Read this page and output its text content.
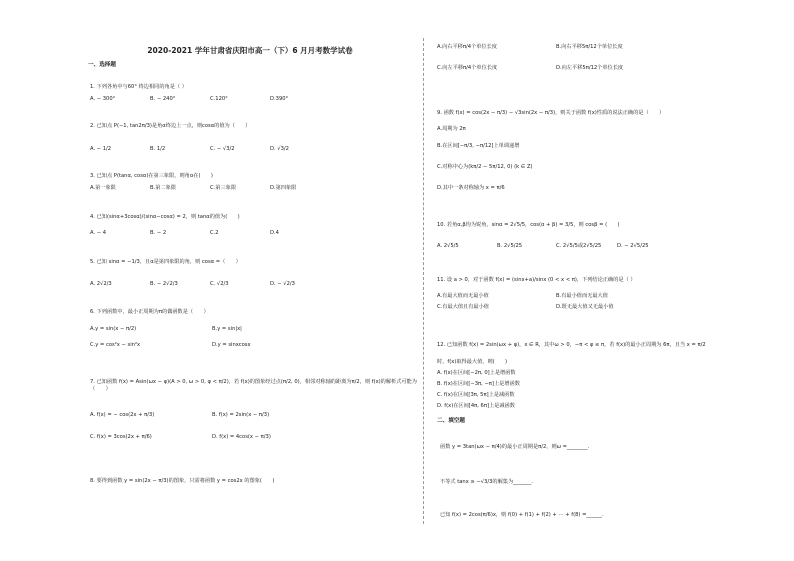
2020-2021 学年甘肃省庆阳市高一（下）6 月月考数学试卷
一、选择题
1. 下列各角中与60° 终边相同的角是（ ）
A. − 300°	B. − 240°	C.120°	D.390°
2. 已知点 P(−1, tan2π/3)是角α终边上一点，则cosα的值为（　　）
A. − 1/2	B. 1/2	C. − √3/2	D. √3/2
3. 已知点 P(tanα, cosα)在第三象限，则角α在(　　)
A.第一象限	B.第二象限	C.第三象限	D.第四象限
4. 已知(sinα+3cosα)/(sinα−cosα) = 2，则 tanα的值为(　　)
A. − 4	B. − 2	C.2	D.4
5. 已知 sinα = −1/3，且α是第四象限的角，则 cosα =（　　）
A. 2√2/3	B. − 2√2/3	C. √2/3	D. − √2/3
6. 下列函数中，最小正周期为π的偶函数是（　　）
A.y = sin(x − π/2)	B.y = sin|x|
C.y = cos²x − sin²x	D.y = sinxcosx
7. 已知函数 f(x) = Asin(ωx − φ)(A > 0, ω > 0, φ < π/2)，若 f(x)的图象经过点(π/2, 0)，相邻对称轴的距离为π/2，则 f(x)的解析式可能为（　　）
A. f(x) = − cos(2x + π/3)	B. f(x) = 2sin(x − π/3)
C. f(x) = 3cos(2x + π/6)	D. f(x) = 4cos(x − π/3)
8. 要得到函数 y = sin(2x − π/3)的图象，只需将函数 y = cos2x 的图象(　　)
A.向右平移π/4个单位长度	B.向右平移5π/12个单位长度
C.向左平移π/4个单位长度	D.向左平移5π/12个单位长度
9. 函数 f(x) = cos(2x − π/3) − √3sin(2x − π/3)，则关于函数 f(x)性质的说法正确的是（　　）
A.周期为 2π
B.在区间[−π/3, −π/12]上单调递增
C.对称中心为(kπ/2 − 5π/12, 0) (k ∈ Z)
D.其中一条对称轴为 x = π/6
10. 若角α,β均为锐角，sinα = 2√5/5，cos(α + β) = 3/5，则 cosβ = (　　)
A. 2√5/5	B. 2√5/25	C. 2√5/5或2√5/25	D. − 2√5/25
11. 设 a > 0，对于函数 f(x) = (sinx+a)/sinx (0 < x < π)，下列结论正确的是（ ）
A.有最大值而无最小值	B.有最小值而无最大值
C.有最大值且有最小值	D.既无最大值又无最小值
12. 已知函数 f(x) = 2sin(ωx + φ)，x ∈ R，其中ω > 0，−π < φ ≤ π，若 f(x)的最小正周期为 6π，且当 x = π/2
时，f(x)取得最大值，则(　　)
A. f(x)在区间[−2π, 0]上是增函数
B. f(x)在区间[−3π, −π]上是增函数
C. f(x)在区间[3π, 5π]上是减函数
D. f(x)在区间[4π, 6π]上是减函数
二、填空题
函数 y = 3tan(ωx − π/4)的最小正周期是π/2，则ω =________.
不等式 tanx ≥ −√3/3的解集为_______.
已知 f(x) = 2cos(π/6)x，则 f(0) + f(1) + f(2) + ⋯ + f(8) =______.
